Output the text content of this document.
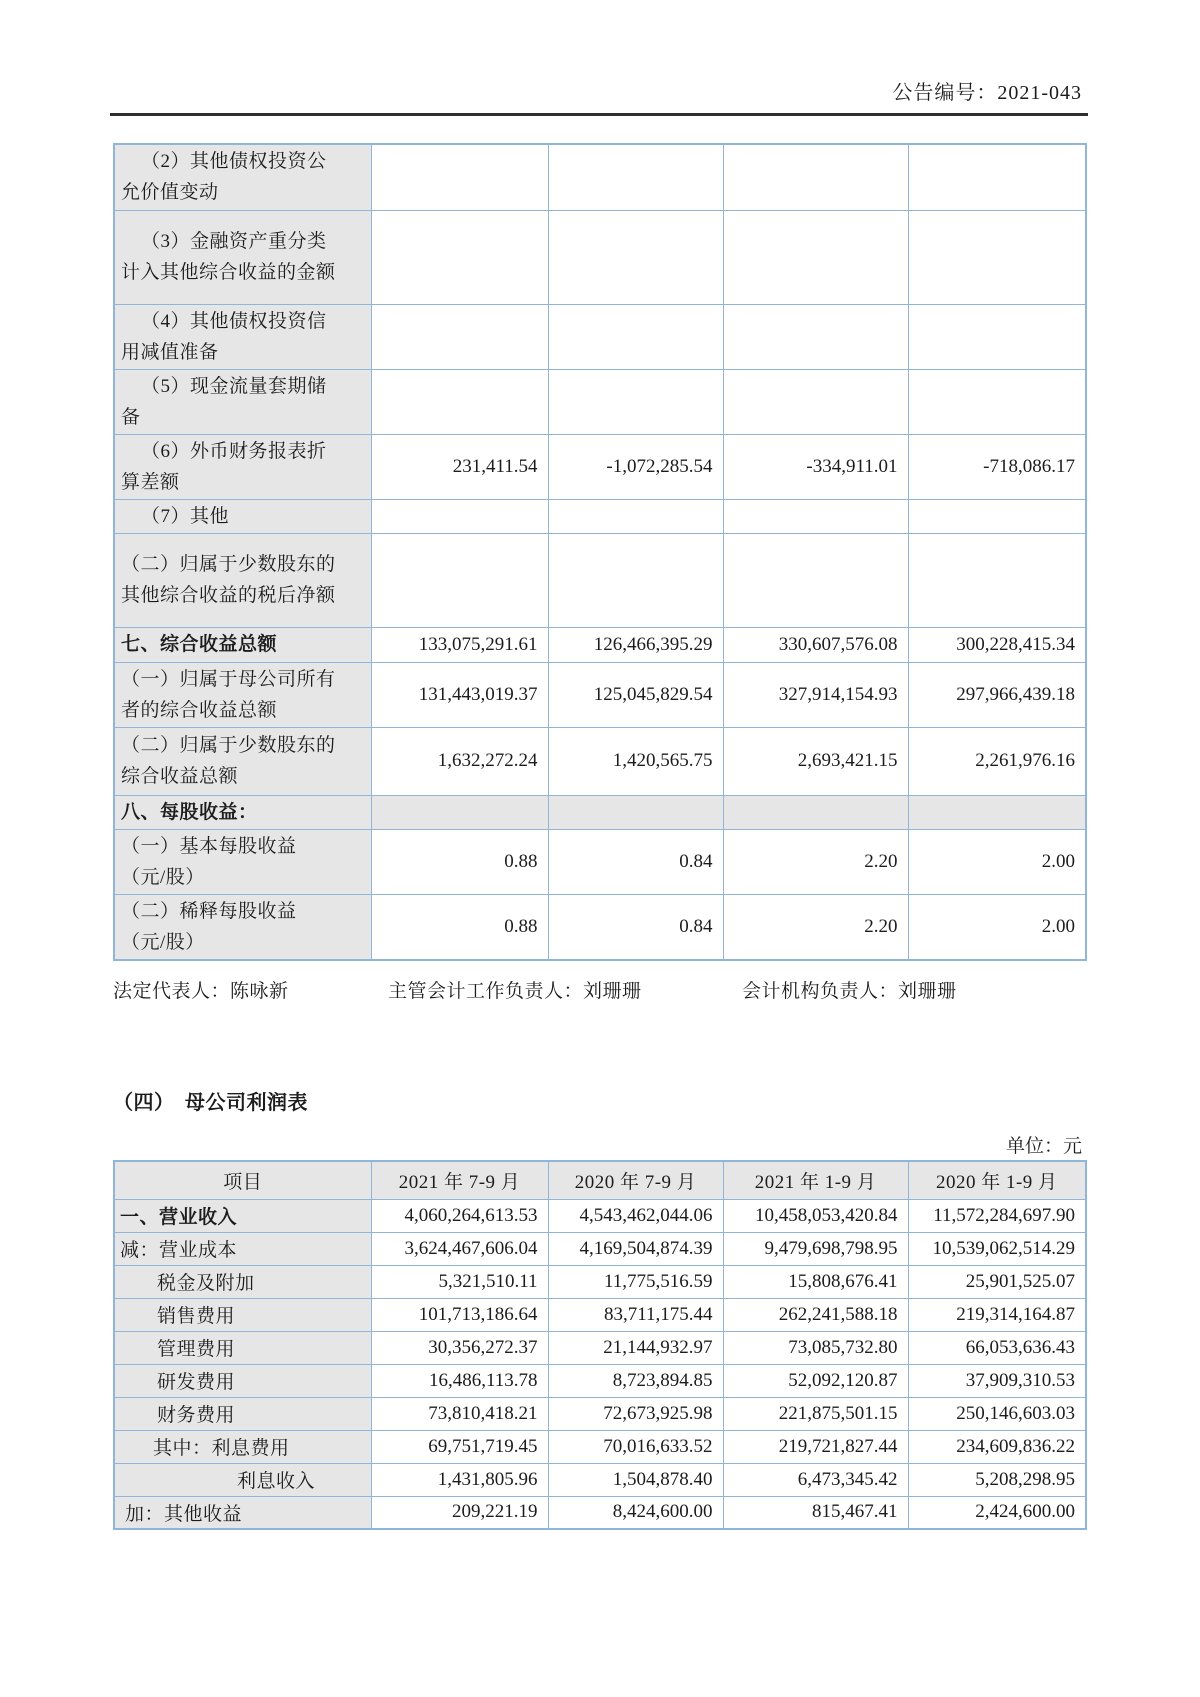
公告编号：2021-043
（2）其他债权投资公允价值变动				
（3）金融资产重分类计入其他综合收益的金额				
（4）其他债权投资信用减值准备				
（5）现金流量套期储备				
（6）外币财务报表折算差额	231,411.54	-1,072,285.54	-334,911.01	-718,086.17
（7）其他				
（二）归属于少数股东的其他综合收益的税后净额				
七、综合收益总额	133,075,291.61	126,466,395.29	330,607,576.08	300,228,415.34
（一）归属于母公司所有者的综合收益总额	131,443,019.37	125,045,829.54	327,914,154.93	297,966,439.18
（二）归属于少数股东的综合收益总额	1,632,272.24	1,420,565.75	2,693,421.15	2,261,976.16
八、每股收益：				
（一）基本每股收益（元/股）	0.88	0.84	2.20	2.00
（二）稀释每股收益（元/股）	0.88	0.84	2.20	2.00
法定代表人：陈咏新	主管会计工作负责人：刘珊珊	会计机构负责人：刘珊珊
（四）　母公司利润表
单位：元
项目	2021 年 7-9 月	2020 年 7-9 月	2021 年 1-9 月	2020 年 1-9 月
一、营业收入	4,060,264,613.53	4,543,462,044.06	10,458,053,420.84	11,572,284,697.90
减：营业成本	3,624,467,606.04	4,169,504,874.39	9,479,698,798.95	10,539,062,514.29
税金及附加	5,321,510.11	11,775,516.59	15,808,676.41	25,901,525.07
销售费用	101,713,186.64	83,711,175.44	262,241,588.18	219,314,164.87
管理费用	30,356,272.37	21,144,932.97	73,085,732.80	66,053,636.43
研发费用	16,486,113.78	8,723,894.85	52,092,120.87	37,909,310.53
财务费用	73,810,418.21	72,673,925.98	221,875,501.15	250,146,603.03
其中：利息费用	69,751,719.45	70,016,633.52	219,721,827.44	234,609,836.22
利息收入	1,431,805.96	1,504,878.40	6,473,345.42	5,208,298.95
加：其他收益	209,221.19	8,424,600.00	815,467.41	2,424,600.00
